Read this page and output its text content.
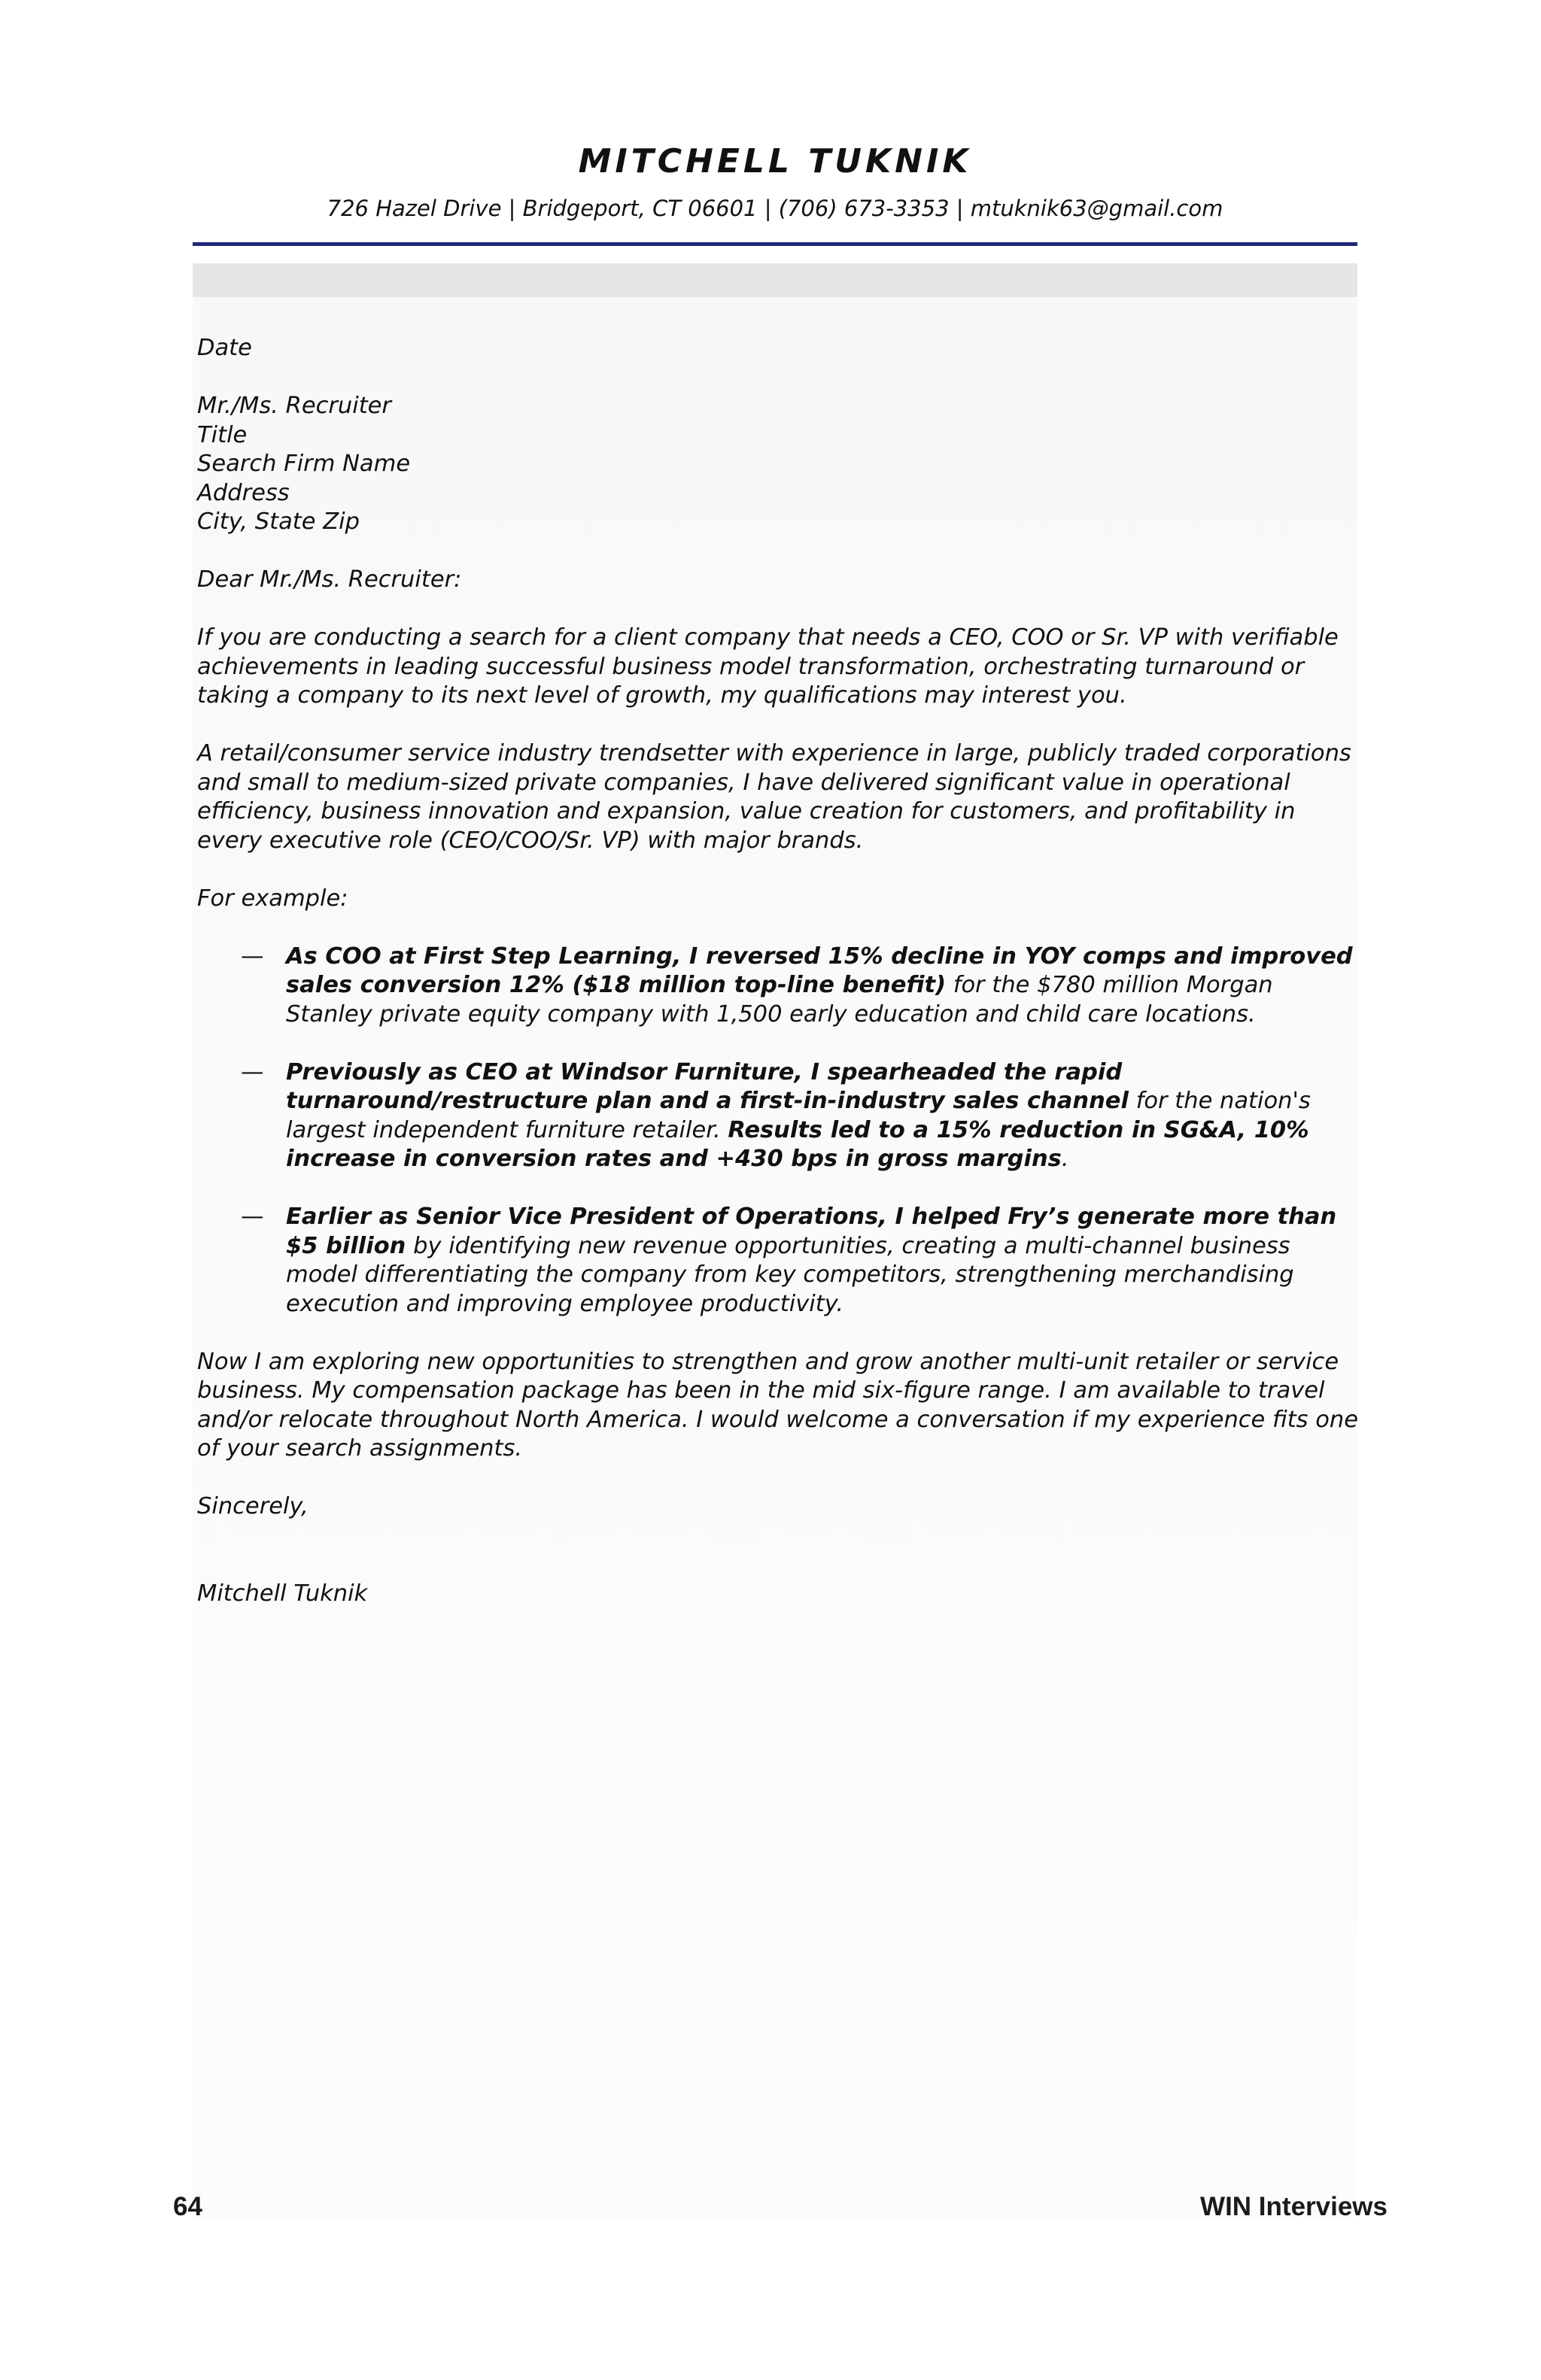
MITCHELL TUKNIK
726 Hazel Drive | Bridgeport, CT 06601 | (706) 673-3353 | mtuknik63@gmail.com

Date

Mr./Ms. Recruiter

Title

Search Firm Name

Address

City, State Zip

Dear Mr./Ms. Recruiter:

If you are conducting a search for a client company that needs a CEO, COO or Sr. VP with verifiable achievements in leading successful business model transformation, orchestrating turnaround or taking a company to its next level of growth, my qualifications may interest you.

A retail/consumer service industry trendsetter with experience in large, publicly traded corporations and small to medium-sized private companies, I have delivered significant value in operational efficiency, business innovation and expansion, value creation for customers, and profitability in every executive role (CEO/COO/Sr. VP) with major brands.

For example:

— As COO at First Step Learning, I reversed 15% decline in YOY comps and improved sales conversion 12% ($18 million top-line benefit) for the $780 million Morgan Stanley private equity company with 1,500 early education and child care locations.
— Previously as CEO at Windsor Furniture, I spearheaded the rapid turnaround/restructure plan and a first-in-industry sales channel for the nation's largest independent furniture retailer. Results led to a 15% reduction in SG&A, 10% increase in conversion rates and +430 bps in gross margins.
— Earlier as Senior Vice President of Operations, I helped Fry’s generate more than $5 billion by identifying new revenue opportunities, creating a multi-channel business model differentiating the company from key competitors, strengthening merchandising execution and improving employee productivity.

Now I am exploring new opportunities to strengthen and grow another multi-unit retailer or service business. My compensation package has been in the mid six-figure range. I am available to travel and/or relocate throughout North America. I would welcome a conversation if my experience fits one of your search assignments.

Sincerely,

Mitchell Tuknik

64	WIN Interviews
